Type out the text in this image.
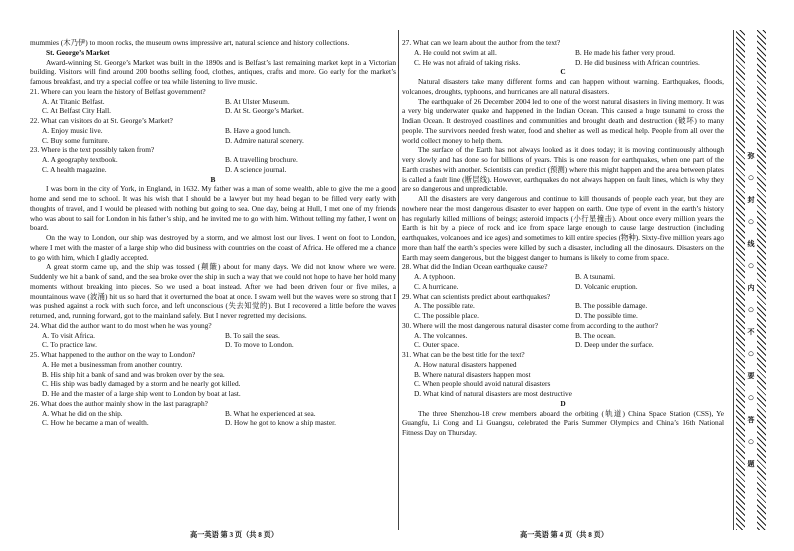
mummies (木乃伊) to moon rocks, the museum owns impressive art, natural science and history collections.

St. George’s Market

Award-winning St. George’s Market was built in the 1890s and is Belfast’s last remaining market kept in a Victorian building. Visitors will find around 200 booths selling food, clothes, antiques, crafts and more. Go early for the market’s famous breakfast, and try a special coffee or tea while listening to live music.

21. Where can you learn the history of Belfast government?
A. At Titanic Belfast.	B. At Ulster Museum.
C. At Belfast City Hall.	D. At St. George’s Market.
22. What can visitors do at St. George’s Market?
A. Enjoy music live.	B. Have a good lunch.
C. Buy some furniture.	D. Admire natural scenery.
23. Where is the text possibly taken from?
A. A geography textbook.	B. A travelling brochure.
C. A health magazine.	D. A science journal.

B

I was born in the city of York, in England, in 1632. My father was a man of some wealth, able to give the me a good home and send me to school. It was his wish that I should be a lawyer but my head began to be filled very early with thoughts of travel, and I would be pleased with nothing but going to sea. One day, being at Hull, I met one of my friends who was about to sail for London in his father’s ship, and he invited me to go with him. Without telling my father, I went on board.

On the way to London, our ship was destroyed by a storm, and we almost lost our lives. I went on foot to London, where I met with the master of a large ship who did business with countries on the coast of Africa. He offered me a chance to go with him, which I gladly accepted.

A great storm came up, and the ship was tossed (颠簸) about for many days. We did not know where we were. Suddenly we hit a bank of sand, and the sea broke over the ship in such a way that we could not hope to have her hold many moments without breaking into pieces. So we used a boat instead. After we had been driven four or five miles, a mountainous wave (波涌) hit us so hard that it overturned the boat at once. I swam well but the waves were so strong that I was pushed against a rock with such force, and left unconscious (失去知觉的). But I recovered a little before the waves returned, and, running forward, got to the mainland safely. But I never regretted my decisions.

24. What did the author want to do most when he was young?
A. To visit Africa.	B. To sail the seas.
C. To practice law.	D. To move to London.
25. What happened to the author on the way to London?
A. He met a businessman from another country.
B. His ship hit a bank of sand and was broken over by the sea.
C. His ship was badly damaged by a storm and he nearly got killed.
D. He and the master of a large ship went to London by boat at last.
26. What does the author mainly show in the last paragraph?
A. What he did on the ship.	B. What he experienced at sea.
C. How he became a man of wealth.	D. How he got to know a ship master.
27. What can we learn about the author from the text?
A. He could not swim at all.	B. He made his father very proud.
C. He was not afraid of taking risks.	D. He did business with African countries.

C

Natural disasters take many different forms and can happen without warning. Earthquakes, floods, volcanoes, droughts, typhoons, and hurricanes are all natural disasters.

The earthquake of 26 December 2004 led to one of the worst natural disasters in living memory. It was a very big underwater quake and happened in the Indian Ocean. This caused a huge tsunami to cross the Indian Ocean. It destroyed coastlines and communities and brought death and destruction (破坏) to many people. The survivors needed fresh water, food and shelter as well as medical help. People from all over the world collect money to help them.

The surface of the Earth has not always looked as it does today; it is moving continuously although very slowly and has done so for billions of years. This is one reason for earthquakes, when one part of the Earth crashes with another. Scientists can predict (预测) where this might happen and the area between plates is called a fault line (断层线). However, earthquakes do not always happen on fault lines, which is why they are so dangerous and unpredictable.

All the disasters are very dangerous and continue to kill thousands of people each year, but they are nowhere near the most dangerous disaster to ever happen on earth. One type of event in the earth’s history has regularly killed millions of beings; asteroid impacts (小行星撞击). About once every million years the Earth is hit by a piece of rock and ice from space large enough to cause large destruction (including earthquakes, volcanoes and ice ages) and sometimes to kill entire species (物种). Sixty-five million years ago more than half the earth’s species were killed by such a disaster, including all the dinosaurs. Disasters on the Earth may seem dangerous, but the biggest danger to humans is likely to come from space.

28. What did the Indian Ocean earthquake cause?
A. A typhoon.	B. A tsunami.
C. A hurricane.	D. Volcanic eruption.
29. What can scientists predict about earthquakes?
A. The possible rate.	B. The possible damage.
C. The possible place.	D. The possible time.
30. Where will the most dangerous natural disaster come from according to the author?
A. The volcannes.	B. The ocean.
C. Outer space.	D. Deep under the surface.
31. What can be the best title for the text?
A. How natural disasters happened
B. Where natural disasters happen most
C. When people should avoid natural disasters
D. What kind of natural disasters are most destructive

D

The three Shenzhou-18 crew members aboard the orbiting (轨道) China Space Station (CSS), Ye Guangfu, Li Cong and Li Guangsu, celebrated the Paris Summer Olympics and China’s 16th National Fitness Day on Thursday.

高一英语 第 3 页（共 8 页）	高一英语 第 4 页（共 8 页）
弥
○
封
○
线
○
内
○
不
○
要
○
答
○
题
